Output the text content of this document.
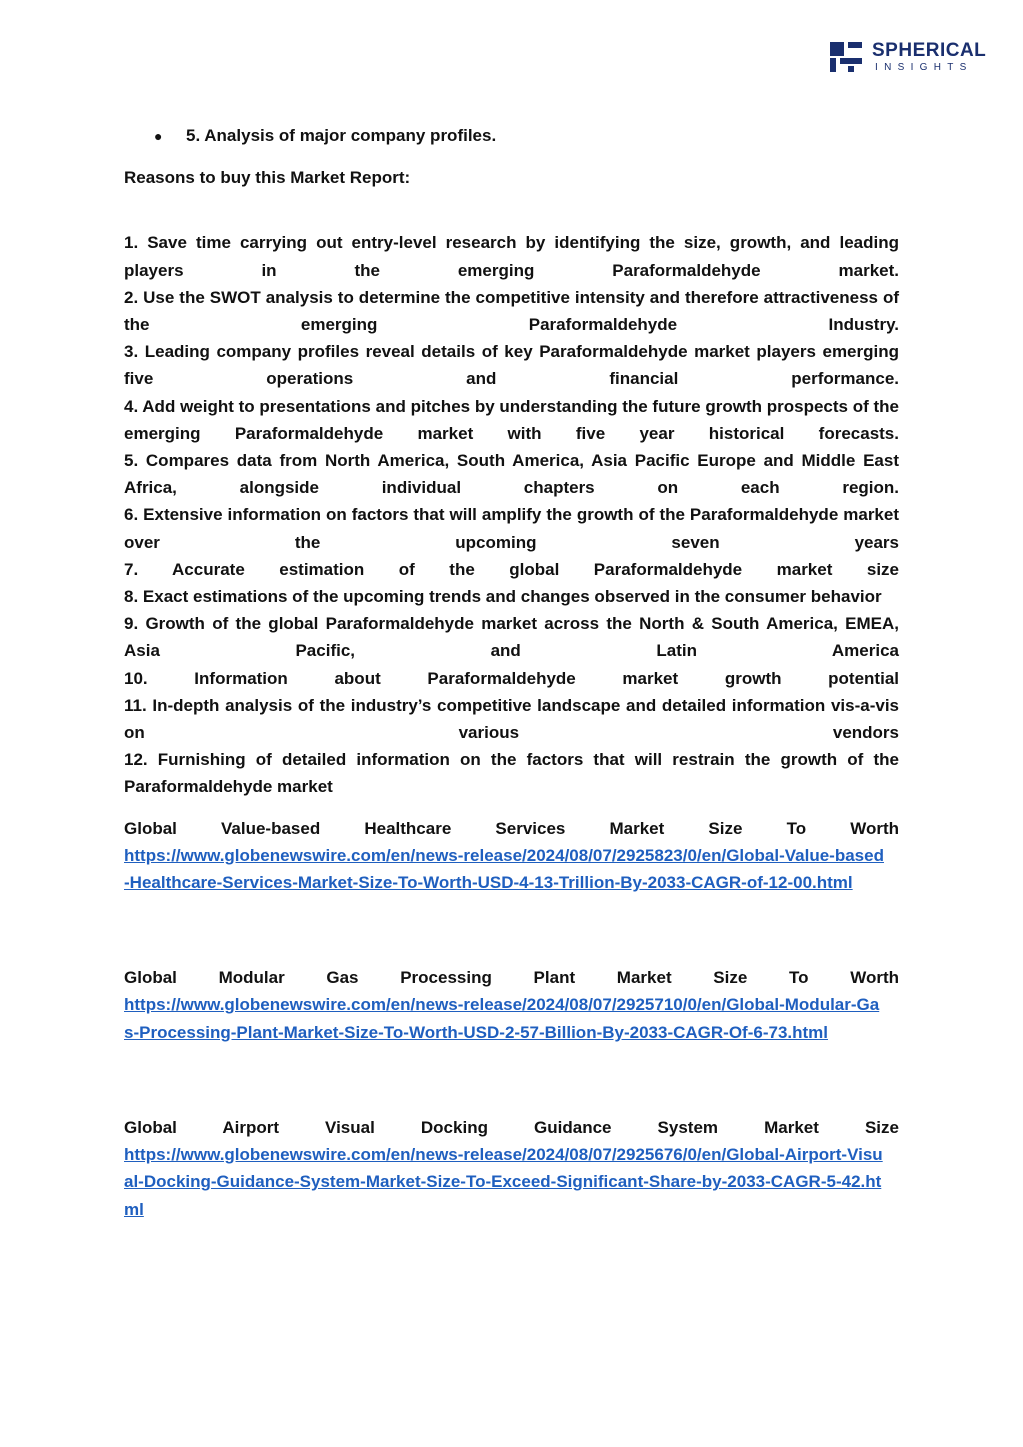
SPHERICAL
INSIGHTS
●	5. Analysis of major company profiles.
Reasons to buy this Market Report:
1. Save time carrying out entry-level research by identifying the size, growth, and leading players in the emerging Paraformaldehyde market.
2. Use the SWOT analysis to determine the competitive intensity and therefore attractiveness of the emerging Paraformaldehyde Industry.
3. Leading company profiles reveal details of key Paraformaldehyde market players emerging five operations and financial performance.
4. Add weight to presentations and pitches by understanding the future growth prospects of the emerging Paraformaldehyde market with five year historical forecasts.
5. Compares data from North America, South America, Asia Pacific Europe and Middle East Africa, alongside individual chapters on each region.
6. Extensive information on factors that will amplify the growth of the Paraformaldehyde market over the upcoming seven years
7. Accurate estimation of the global Paraformaldehyde market size
8. Exact estimations of the upcoming trends and changes observed in the consumer behavior
9. Growth of the global Paraformaldehyde market across the North & South America, EMEA, Asia Pacific, and Latin America
10. Information about Paraformaldehyde market growth potential
11. In-depth analysis of the industry’s competitive landscape and detailed information vis-a-vis on various vendors
12. Furnishing of detailed information on the factors that will restrain the growth of the Paraformaldehyde market
Global Value-based Healthcare Services Market Size To Worth
https://www.globenewswire.com/en/news-release/2024/08/07/2925823/0/en/Global-Value-based-Healthcare-Services-Market-Size-To-Worth-USD-4-13-Trillion-By-2033-CAGR-of-12-00.html
Global Modular Gas Processing Plant Market Size To Worth
https://www.globenewswire.com/en/news-release/2024/08/07/2925710/0/en/Global-Modular-Gas-Processing-Plant-Market-Size-To-Worth-USD-2-57-Billion-By-2033-CAGR-Of-6-73.html
Global Airport Visual Docking Guidance System Market Size
https://www.globenewswire.com/en/news-release/2024/08/07/2925676/0/en/Global-Airport-Visual-Docking-Guidance-System-Market-Size-To-Exceed-Significant-Share-by-2033-CAGR-5-42.html
